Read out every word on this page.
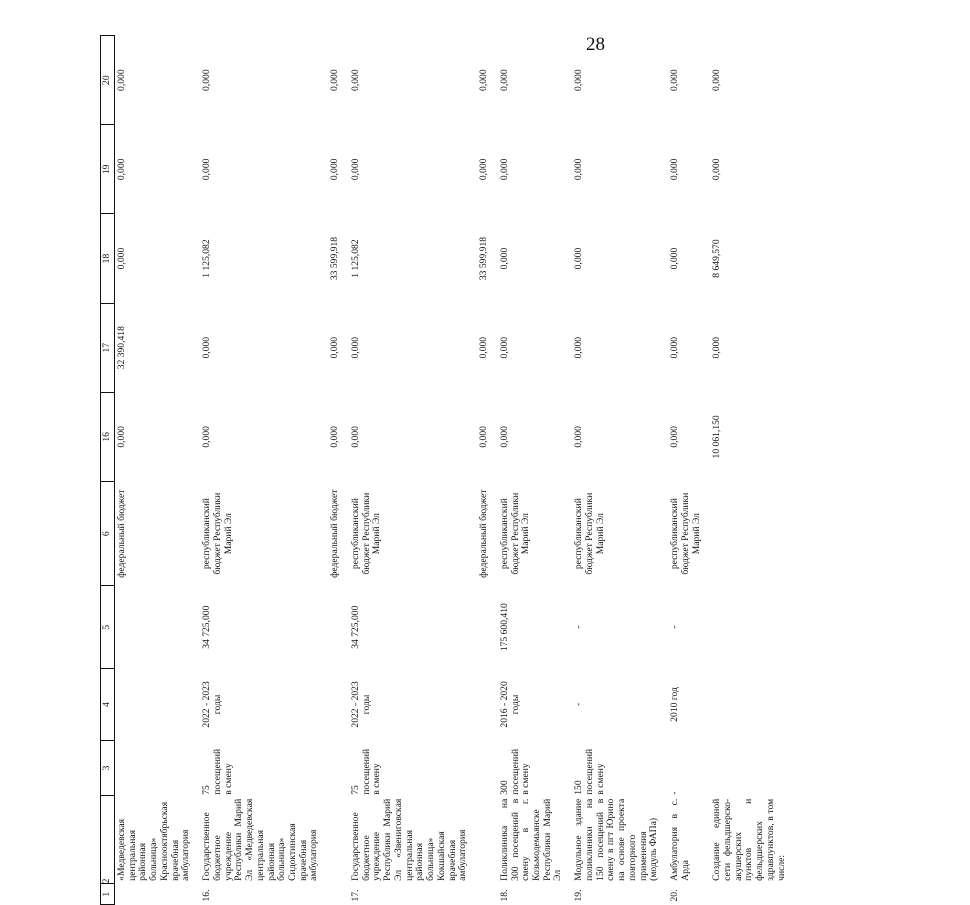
28
1	2	3	4	5	6	16	17	18	19	20
	«Медведевская центральная районная больница» Краснооктябрьская врачебная амбулатория				федеральный бюджет	0,000	32 390,418	0,000	0,000	0,000
16.	Государственное бюджетное учреждение Республики Марий Эл «Медведевская центральная районная больница» Сидоктинская врачебная амбулатория	75 посещений в смену	2022 - 2023 годы	34 725,000	республиканский бюджет Республики Марий Эл	0,000	0,000	1 125,082	0,000	0,000
					федеральный бюджет	0,000	0,000	33 599,918	0,000	0,000
17.	Государственное бюджетное учреждение Республики Марий Эл «Звениговская центральная районная больница» Кокшайская врачебная амбулатория	75 посещений в смену	2022 - 2023 годы	34 725,000	республиканский бюджет Республики Марий Эл	0,000	0,000	1 125,082	0,000	0,000
					федеральный бюджет	0,000	0,000	33 599,918	0,000	0,000
18.	Поликлиника на 300 посещений в смену в г. Козьмодемьянске Республики Марий Эл	300 посещений в смену	2016 - 2020 годы	175 600,410	республиканский бюджет Республики Марий Эл	0,000	0,000	0,000	0,000	0,000
19.	Модульное здание поликлиники на 150 посещений в смену в пгт Юрино на основе проекта повторного применения (модуль ФАПа)	150 посещений в смену	-	-	республиканский бюджет Республики Марий Эл	0,000	0,000	0,000	0,000	0,000
20.	Амбулатория в с. Арда	-	2010 год	-	республиканский бюджет Республики Марий Эл	0,000	0,000	0,000	0,000	0,000
	Создание единой сети фельдшерско-акушерских пунктов и фельдшерских здравпунктов, в том числе:					10 061,150	0,000	8 649,570	0,000	0,000
